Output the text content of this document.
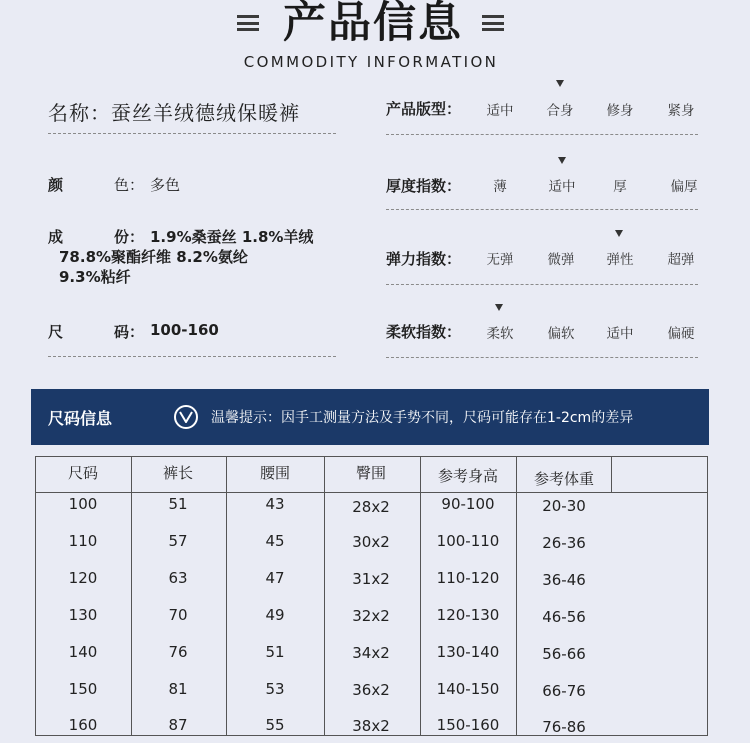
产品信息
COMMODITY INFORMATION
名称：蚕丝羊绒德绒保暖裤
颜	色： 多色
成	份： 1.9%桑蚕丝 1.8%羊绒
78.8%聚酯纤维 8.2%氨纶
9.3%粘纤
尺	码： 100-160
产品版型：	适中	合身	修身	紧身
厚度指数：	薄	适中	厚	偏厚
弹力指数：	无弹	微弹	弹性	超弹
柔软指数：	柔软	偏软	适中	偏硬
尺码信息	温馨提示：因手工测量方法及手势不同，尺码可能存在1-2cm的差异
尺码	裤长	腰围	臀围	参考身高	参考体重
100	51	43	28x2	90-100	20-30
110	57	45	30x2	100-110	26-36
120	63	47	31x2	110-120	36-46
130	70	49	32x2	120-130	46-56
140	76	51	34x2	130-140	56-66
150	81	53	36x2	140-150	66-76
160	87	55	38x2	150-160	76-86
